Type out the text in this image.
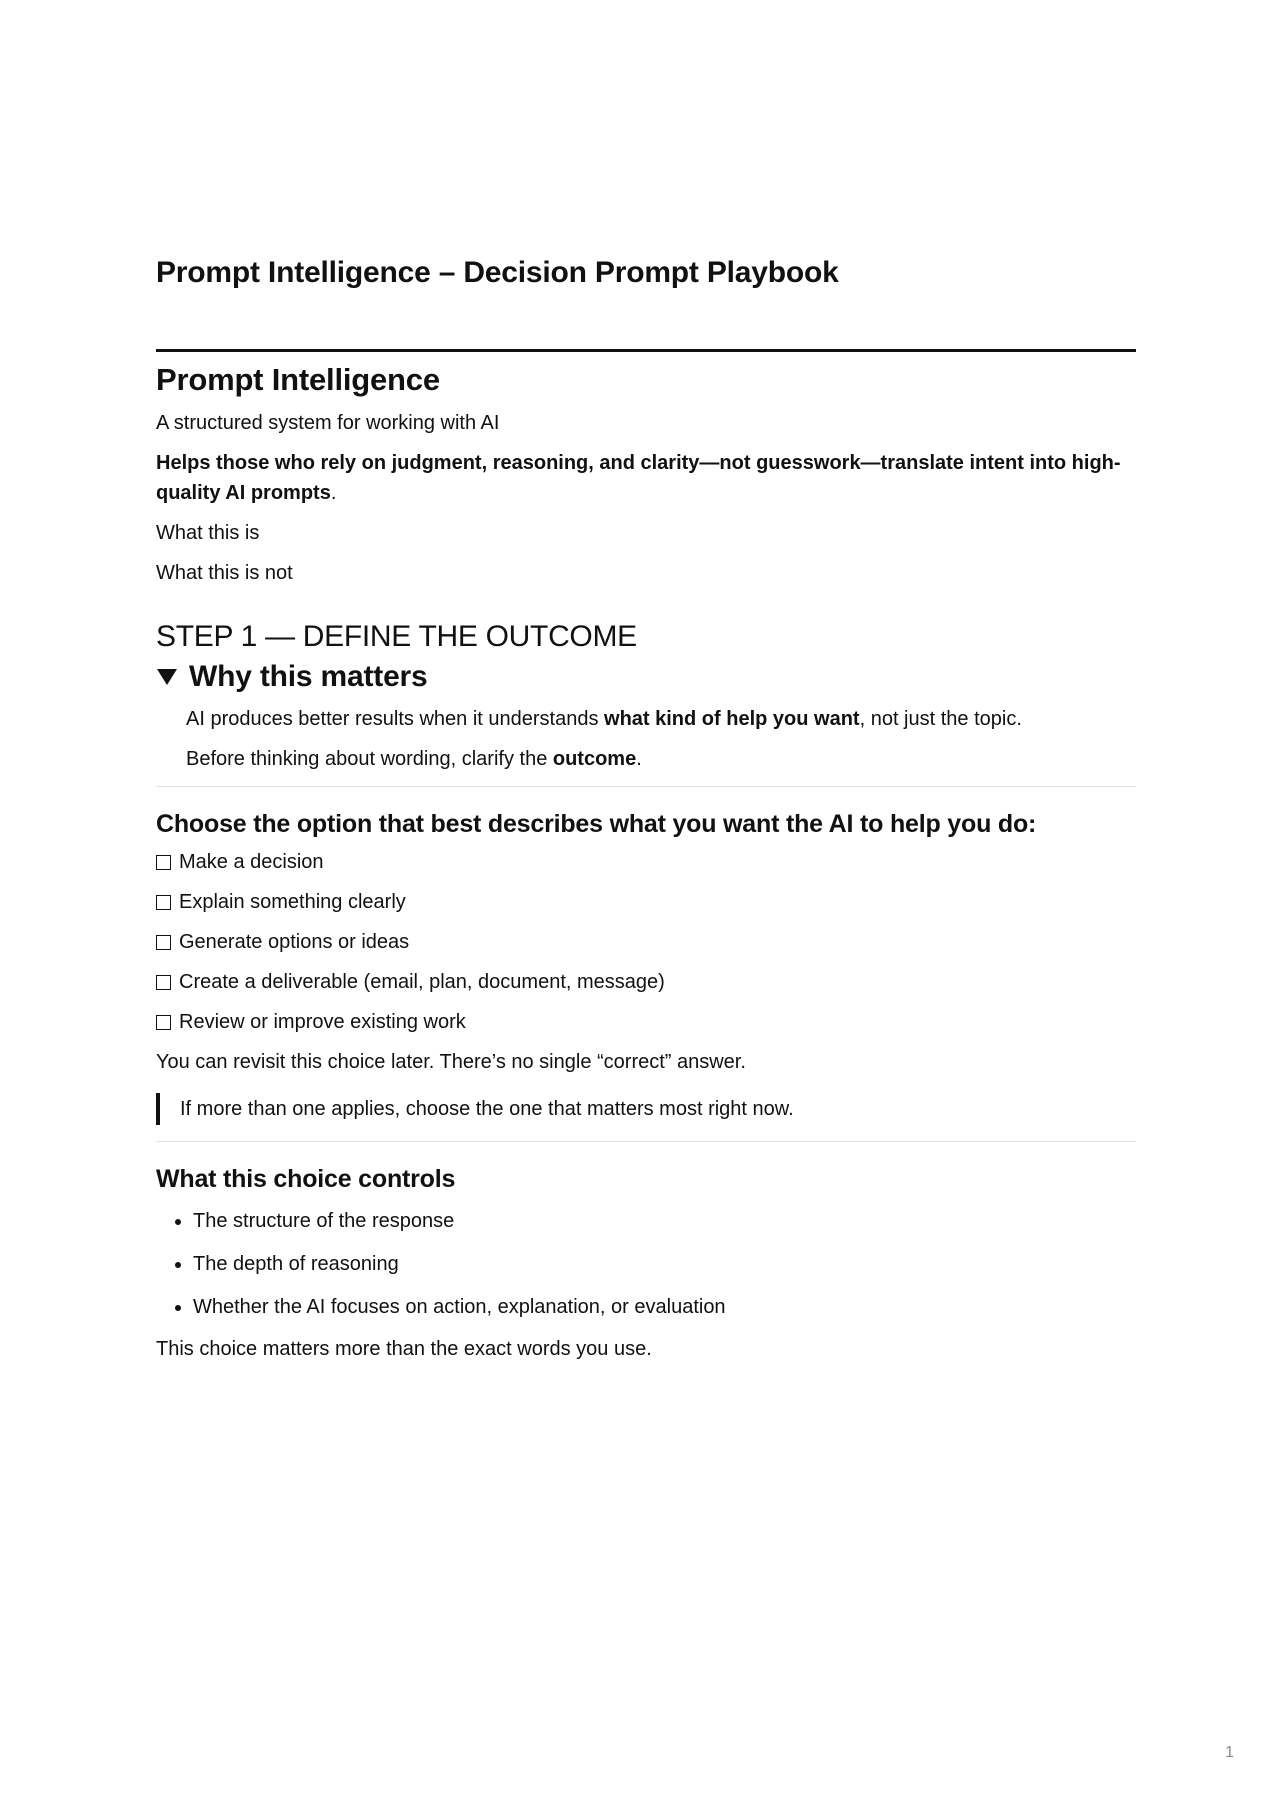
Prompt Intelligence – Decision Prompt Playbook
Prompt Intelligence

A structured system for working with AI

Helps those who rely on judgment, reasoning, and clarity—not guesswork—translate intent into high-quality AI prompts.

What this is

What this is not

STEP 1 — DEFINE THE OUTCOME
Why this matters

AI produces better results when it understands what kind of help you want, not just the topic.

Before thinking about wording, clarify the outcome.

Choose the option that best describes what you want the AI to help you do:
Make a decision
Explain something clearly
Generate options or ideas
Create a deliverable (email, plan, document, message)
Review or improve existing work

You can revisit this choice later. There’s no single “correct” answer.

If more than one applies, choose the one that matters most right now.

What this choice controls
• The structure of the response
• The depth of reasoning
• Whether the AI focuses on action, explanation, or evaluation

This choice matters more than the exact words you use.

1
